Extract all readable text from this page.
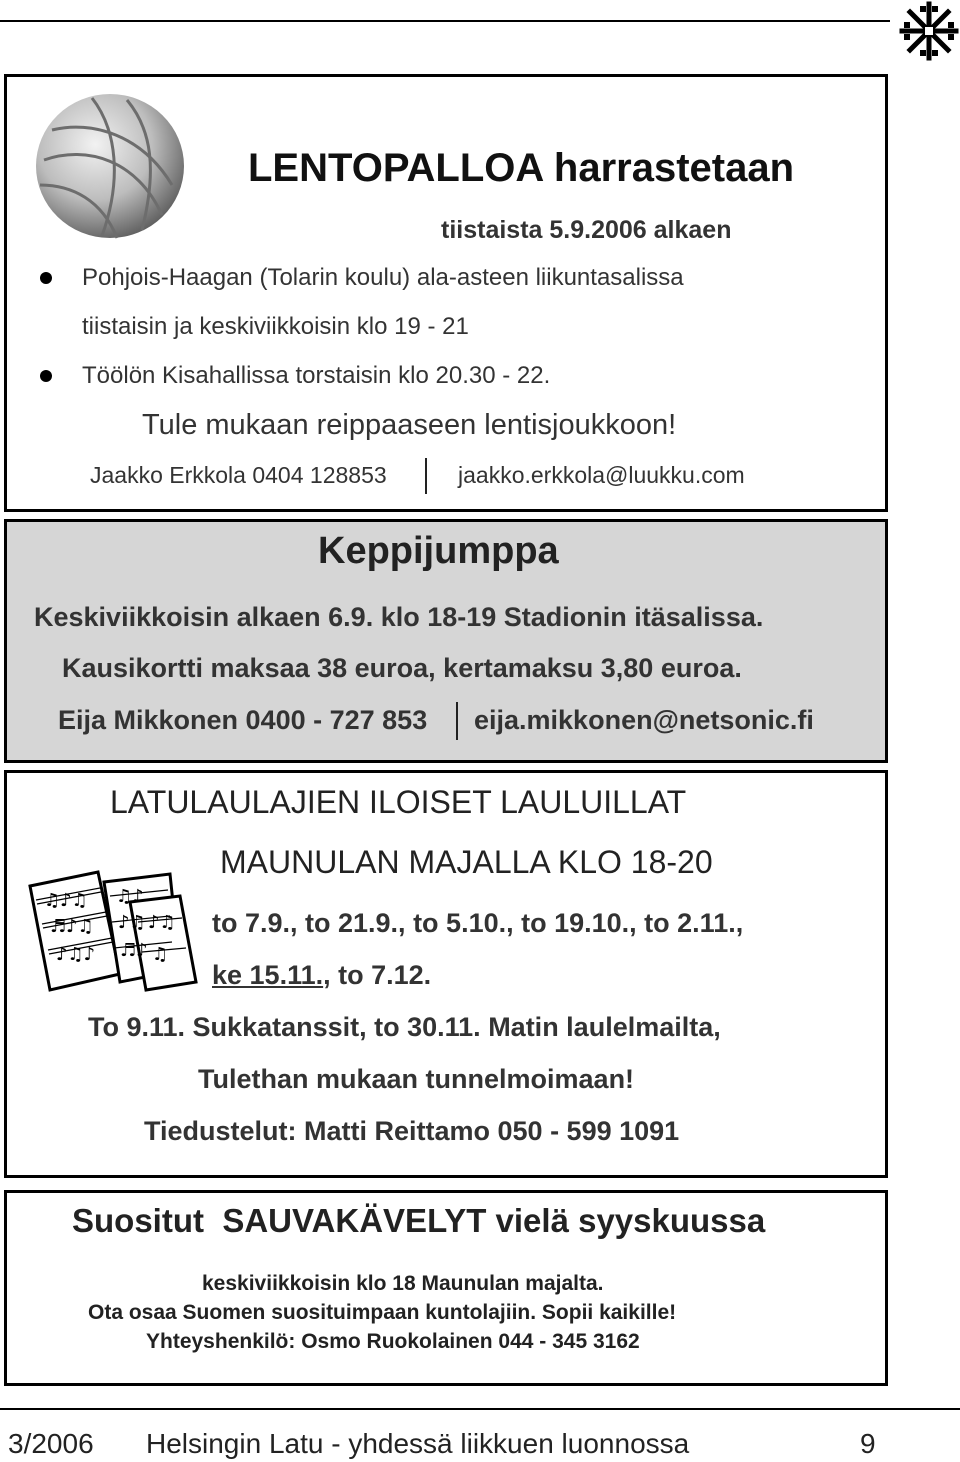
LENTOPALLOA harrastetaan
tiistaista 5.9.2006 alkaen
Pohjois-Haagan (Tolarin koulu) ala-asteen liikuntasalissa
tiistaisin ja keskiviikkoisin klo 19 - 21
Töölön Kisahallissa torstaisin klo 20.30 - 22.
Tule mukaan reippaaseen lentisjoukkoon!
Jaakko Erkkola 0404 128853	jaakko.erkkola@luukku.com
Keppijumppa
Keskiviikkoisin alkaen 6.9. klo 18-19 Stadionin itäsalissa.
Kausikortti maksaa 38 euroa, kertamaksu 3,80 euroa.
Eija Mikkonen 0400 - 727 853 eija.mikkonen@netsonic.fi
LATULAULAJIEN ILOISET LAULUILLAT
MAUNULAN MAJALLA KLO 18-20
♫♪♫
♬♪♫
♪♫♪
♫♪
♪♫
♬♪
♪♫
♫
to 7.9., to 21.9., to 5.10., to 19.10., to 2.11.,
ke 15.11., to 7.12.
To 9.11. Sukkatanssit, to 30.11. Matin laulelmailta,
Tulethan mukaan tunnelmoimaan!
Tiedustelut: Matti Reittamo 050 - 599 1091
Suositut  SAUVAKÄVELYT vielä syyskuussa
keskiviikkoisin klo 18 Maunulan majalta.
Ota osaa Suomen suosituimpaan kuntolajiin. Sopii kaikille!
Yhteyshenkilö: Osmo Ruokolainen 044 - 345 3162
3/2006 Helsingin Latu - yhdessä liikkuen luonnossa	9
